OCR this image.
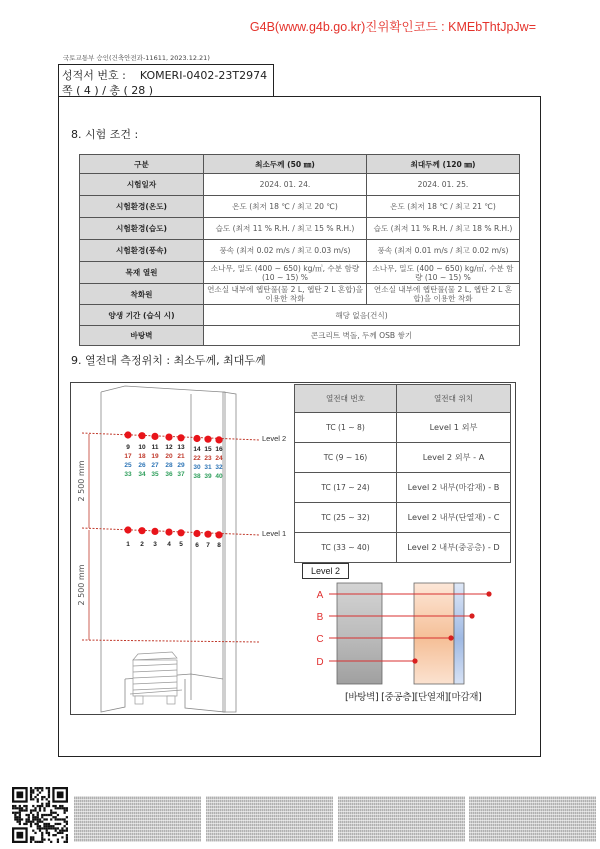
G4B(www.g4b.go.kr)진위확인코드 : KMEbThtJpJw=
국토교통부 승인(건축안전과-11611, 2023.12.21)
성적서 번호 : KOMERI-0402-23T2974
쪽 ( 4 ) / 총 ( 28 )
8. 시험 조건 :
구분	최소두께 (50 ㎜)	최대두께 (120 ㎜)
시험일자	2024. 01. 24.	2024. 01. 25.
시험환경(온도)	온도 (최저 18 ℃ / 최고 20 ℃)	온도 (최저 18 ℃ / 최고 21 ℃)
시험환경(습도)	습도 (최저 11 % R.H. / 최고 15 % R.H.)	습도 (최저 11 % R.H. / 최고 18 % R.H.)
시험환경(풍속)	풍속 (최저 0.02 m/s / 최고 0.03 m/s)	풍속 (최저 0.01 m/s / 최고 0.02 m/s)
목재 열원	소나무, 밀도 (400 ~ 650) kg/㎥, 수분 함량 (10 ~ 15) %	소나무, 밀도 (400 ~ 650) kg/㎥, 수분 함량 (10 ~ 15) %
착화원	연소실 내부에 헵탄풀(물 2 L, 헵탄 2 L 혼합)을 이용한 착화	연소실 내부에 헵탄풀(물 2 L, 헵탄 2 L 혼합)을 이용한 착화
양생 기간 (습식 시)	해당 없음(건식)	
바탕벽	콘크리트 벽돌, 두께 OSB 쌓기	
9. 열전대 측정위치 : 최소두께, 최대두께
2 500 mm
2 500 mm
Level 2
Level 1
9 10 11 12 13 14 15 16
17 18 19 20 21 22 23 24
25 26 27 28 29 30 31 32
33 34 35 36 37 38 39 40
1 2 3 4 5 6 7 8
열전대 번호	열전대 위치
TC (1 ~ 8)	Level 1 외부
TC (9 ~ 16)	Level 2 외부 - A
TC (17 ~ 24)	Level 2 내부(마감재) - B
TC (25 ~ 32)	Level 2 내부(단열재) - C
TC (33 ~ 40)	Level 2 내부(중공층) - D
Level 2
A
B
C
D
[바탕벽] [중공층][단열재][마감재]
